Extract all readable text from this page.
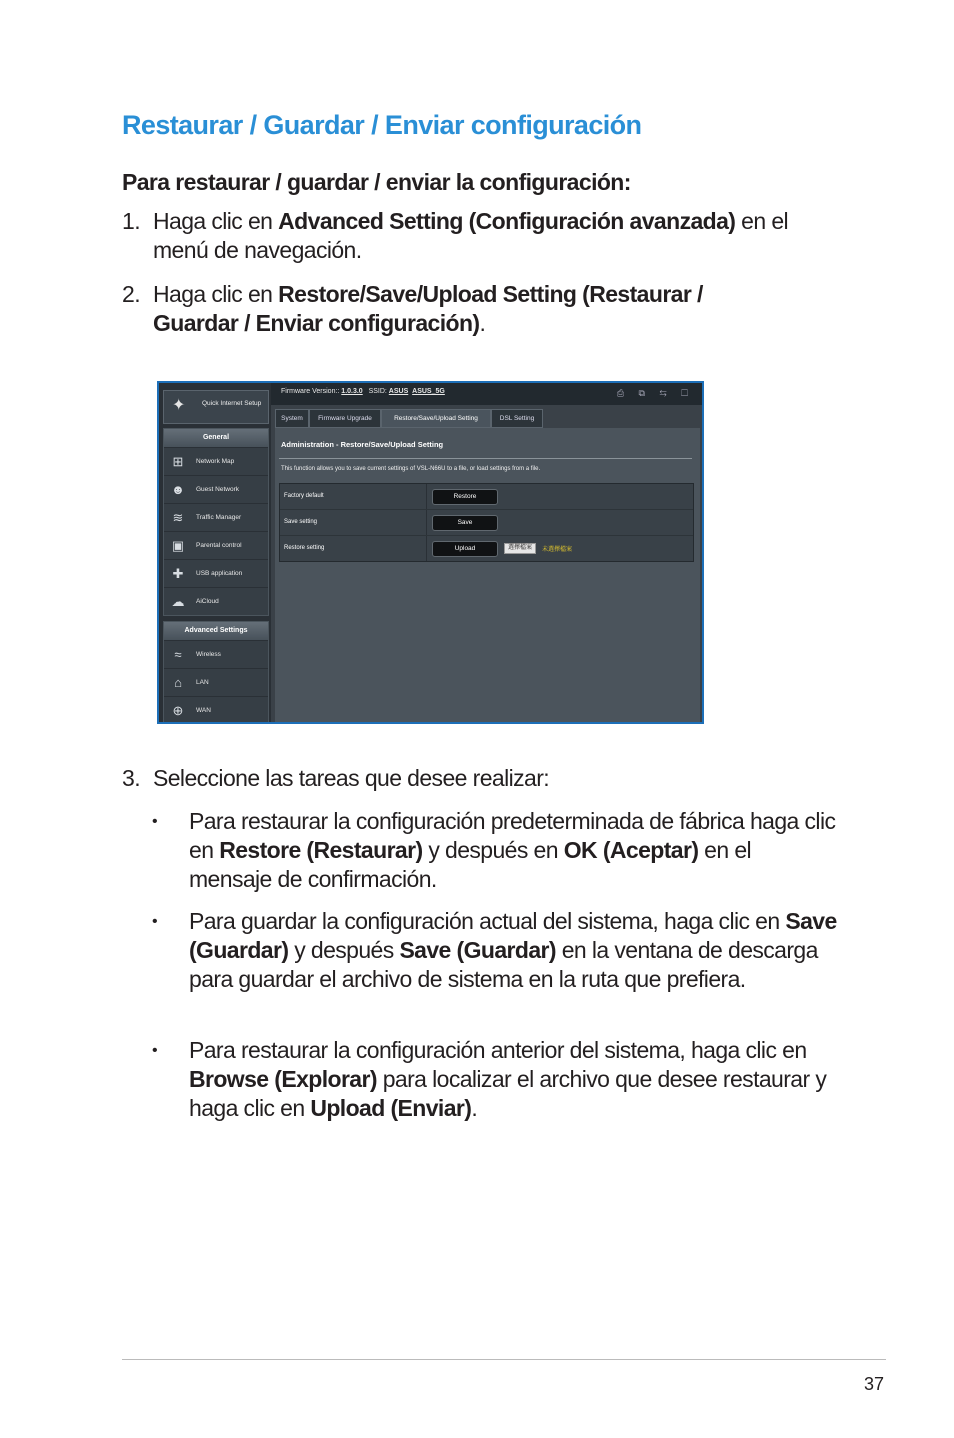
Restaurar / Guardar / Enviar configuración
Para restaurar / guardar / enviar la configuración:
1. Haga clic en Advanced Setting (Configuración avanzada) en el menú de navegación.
2. Haga clic en Restore/Save/Upload Setting (Restaurar / Guardar / Enviar configuración).
Firmware Version:: 1.0.3.0 SSID: ASUS ASUS_5G	⎙ ⧉ ⇆ ☐
✦	Quick Internet Setup
General
⊞	Network Map
☻ Guest Network
≋	Traffic Manager
▣ Parental control
✚	USB application
☁ AiCloud
Advanced Settings
≈	Wireless
⌂	LAN
⊕	WAN
System	Firmware Upgrade	Restore/Save/Upload Setting	DSL Setting
Administration - Restore/Save/Upload Setting
This function allows you to save current settings of VSL-N66U to a file, or load settings from a file.
Factory default	Restore
Save setting	Save
Restore setting	Upload	選擇檔案	未選擇檔案
3. Seleccione las tareas que desee realizar:
• Para restaurar la configuración predeterminada de fábrica haga clic en Restore (Restaurar) y después en OK (Aceptar) en el mensaje de confirmación.
• Para guardar la configuración actual del sistema, haga clic en Save (Guardar) y después Save (Guardar) en la ventana de descarga para guardar el archivo de sistema en la ruta que prefiera.
• Para restaurar la configuración anterior del sistema, haga clic en Browse (Explorar) para localizar el archivo que desee restaurar y haga clic en Upload (Enviar).
37
